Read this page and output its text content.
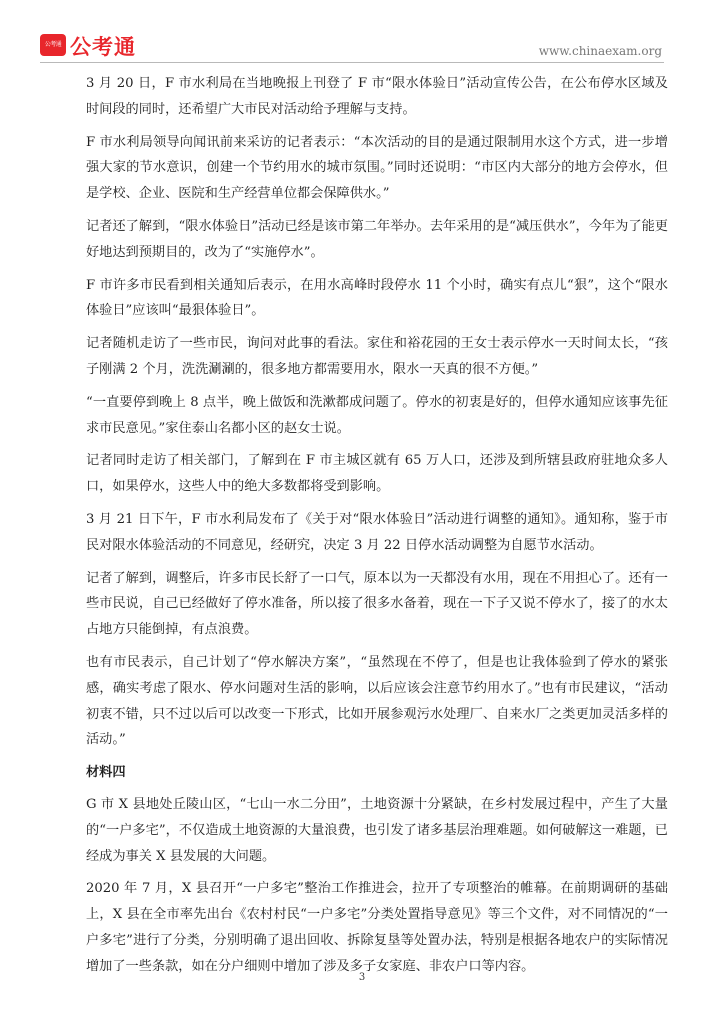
公考通 公考通	www.chinaexam.org

3 月 20 日，F 市水利局在当地晚报上刊登了 F 市“限水体验日”活动宣传公告，在公布停水区域及时间段的同时，还希望广大市民对活动给予理解与支持。

F 市水利局领导向闻讯前来采访的记者表示：“本次活动的目的是通过限制用水这个方式，进一步增强大家的节水意识，创建一个节约用水的城市氛围。”同时还说明：“市区内大部分的地方会停水，但是学校、企业、医院和生产经营单位都会保障供水。”

记者还了解到，“限水体验日”活动已经是该市第二年举办。去年采用的是“减压供水”，今年为了能更好地达到预期目的，改为了“实施停水”。

F 市许多市民看到相关通知后表示，在用水高峰时段停水 11 个小时，确实有点儿“狠”，这个“限水体验日”应该叫“最狠体验日”。

记者随机走访了一些市民，询问对此事的看法。家住和裕花园的王女士表示停水一天时间太长，“孩子刚满 2 个月，洗洗涮涮的，很多地方都需要用水，限水一天真的很不方便。”

“一直要停到晚上 8 点半，晚上做饭和洗漱都成问题了。停水的初衷是好的，但停水通知应该事先征求市民意见。”家住泰山名都小区的赵女士说。

记者同时走访了相关部门，了解到在 F 市主城区就有 65 万人口，还涉及到所辖县政府驻地众多人口，如果停水，这些人中的绝大多数都将受到影响。

3 月 21 日下午，F 市水利局发布了《关于对“限水体验日”活动进行调整的通知》。通知称，鉴于市民对限水体验活动的不同意见，经研究，决定 3 月 22 日停水活动调整为自愿节水活动。

记者了解到，调整后，许多市民长舒了一口气，原本以为一天都没有水用，现在不用担心了。还有一些市民说，自己已经做好了停水准备，所以接了很多水备着，现在一下子又说不停水了，接了的水太占地方只能倒掉，有点浪费。

也有市民表示，自己计划了“停水解决方案”，“虽然现在不停了，但是也让我体验到了停水的紧张感，确实考虑了限水、停水问题对生活的影响，以后应该会注意节约用水了。”也有市民建议，“活动初衷不错，只不过以后可以改变一下形式，比如开展参观污水处理厂、自来水厂之类更加灵活多样的活动。”

材料四

G 市 X 县地处丘陵山区，“七山一水二分田”，土地资源十分紧缺，在乡村发展过程中，产生了大量的“一户多宅”，不仅造成土地资源的大量浪费，也引发了诸多基层治理难题。如何破解这一难题，已经成为事关 X 县发展的大问题。

2020 年 7 月，X 县召开“一户多宅”整治工作推进会，拉开了专项整治的帷幕。在前期调研的基础上，X 县在全市率先出台《农村村民“一户多宅”分类处置指导意见》等三个文件，对不同情况的“一户多宅”进行了分类，分别明确了退出回收、拆除复垦等处置办法，特别是根据各地农户的实际情况增加了一些条款，如在分户细则中增加了涉及多子女家庭、非农户口等内容。

3
